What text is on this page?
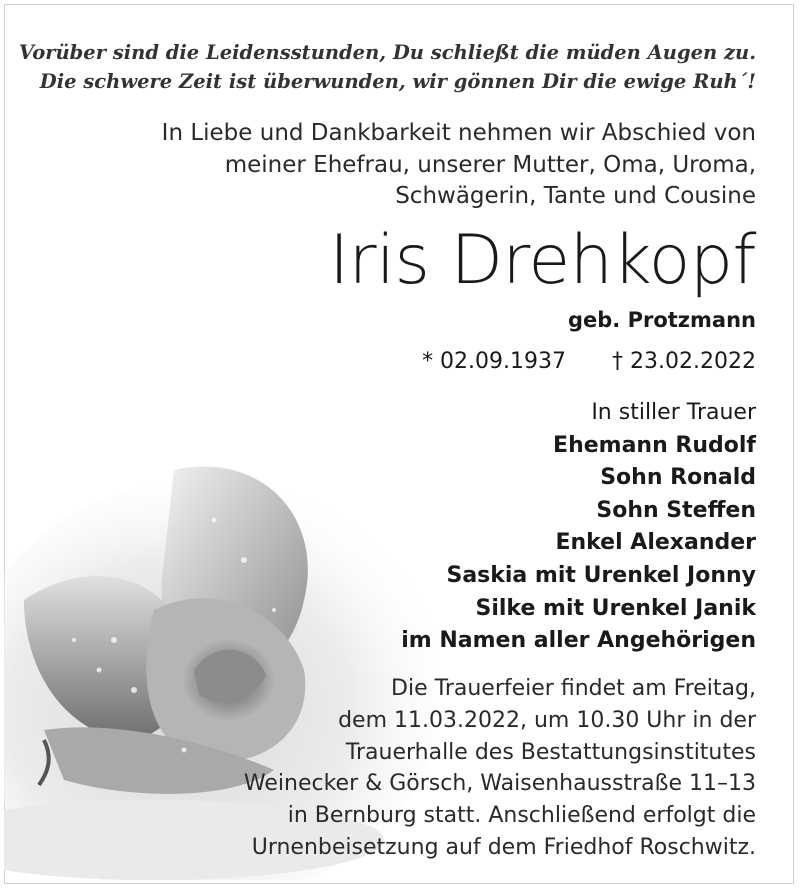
Vorüber sind die Leidensstunden, Du schließt die müden Augen zu.
Die schwere Zeit ist überwunden, wir gönnen Dir die ewige Ruh´!
In Liebe und Dankbarkeit nehmen wir Abschied von
meiner Ehefrau, unserer Mutter, Oma, Uroma,
Schwägerin, Tante und Cousine
Iris Drehkopf
geb. Protzmann
* 02.09.1937 † 23.02.2022
In stiller Trauer
Ehemann Rudolf
Sohn Ronald
Sohn Steffen
Enkel Alexander
Saskia mit Urenkel Jonny
Silke mit Urenkel Janik
im Namen aller Angehörigen
Die Trauerfeier findet am Freitag,
dem 11.03.2022, um 10.30 Uhr in der
Trauerhalle des Bestattungsinstitutes
Weinecker & Görsch, Waisenhausstraße 11–13
in Bernburg statt. Anschließend erfolgt die
Urnenbeisetzung auf dem Friedhof Roschwitz.
